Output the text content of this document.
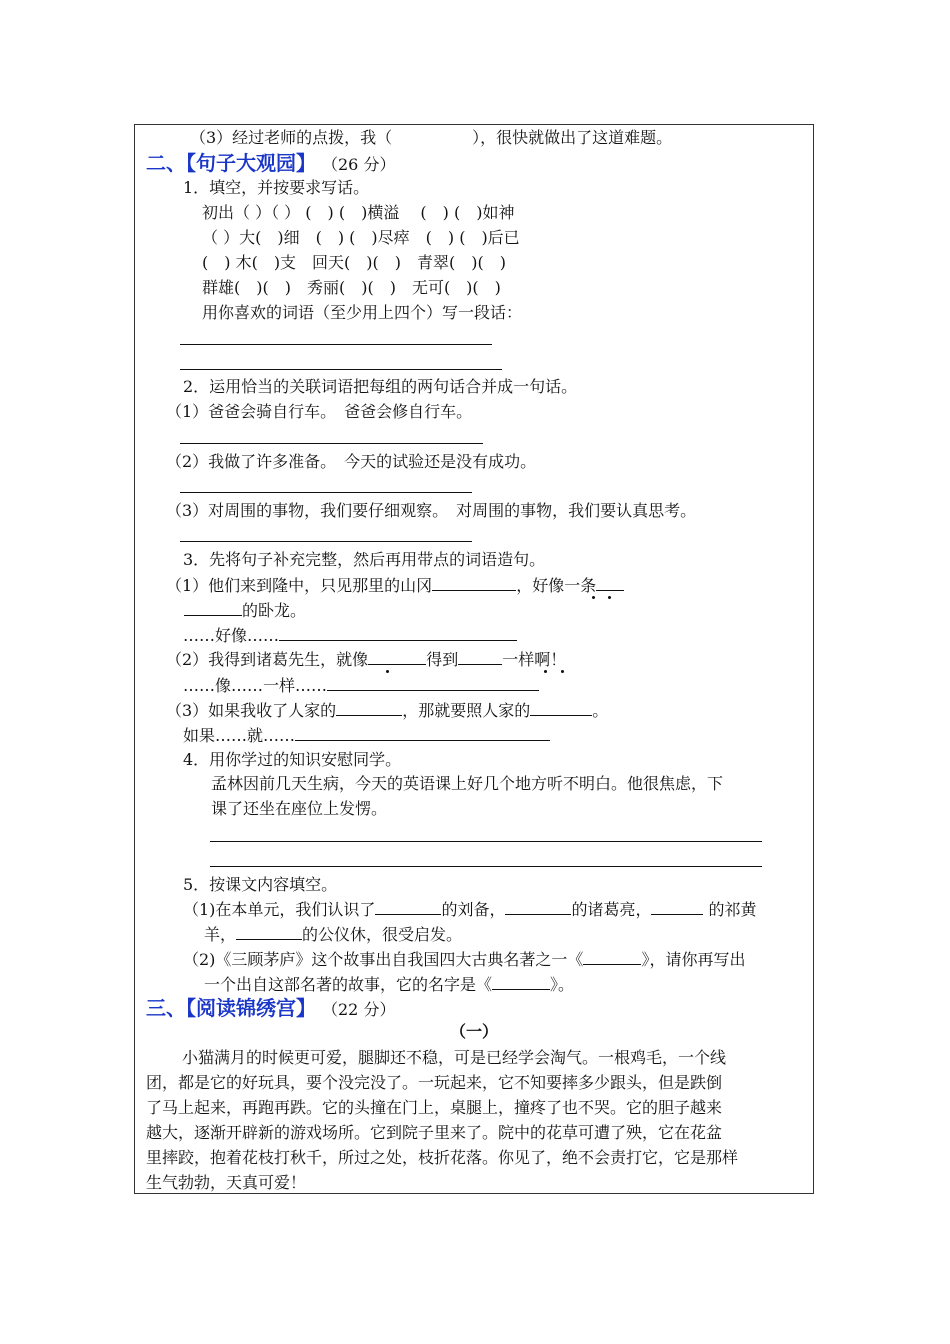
（3）经过老师的点拨，我（　　　　　），很快就做出了这道难题。
二、【句子大观园】 （26 分）
1．填空，并按要求写话。
初出（ ）（ ） (　) (　)横溢　 (　) (　)如神
（ ）大(　)细　(　) (　)尽瘁　(　) (　)后已
(　) 木(　)支　回天(　)(　)　青翠(　)(　)
群雄(　)(　)　秀丽(　)(　)　无可(　)(　)
用你喜欢的词语（至少用上四个）写一段话：
2．运用恰当的关联词语把每组的两句话合并成一句话。
（1）爸爸会骑自行车。　爸爸会修自行车。
（2）我做了许多准备。　今天的试验还是没有成功。
（3）对周围的事物，我们要仔细观察。　对周围的事物，我们要认真思考。
3．先将句子补充完整，然后再用带点的词语造句。
（1）他们来到隆中，只见那里的山冈	，好像一条
的卧龙。
……好像……
（2）我得到诸葛先生，就像	得到	一样啊！
……像……一样……
（3）如果我收了人家的	，那就要照人家的	。
如果……就……
4．用你学过的知识安慰同学。
孟林因前几天生病，今天的英语课上好几个地方听不明白。他很焦虑，下
课了还坐在座位上发愣。
5．按课文内容填空。
（1)在本单元，我们认识了	的刘备，	的诸葛亮，	的祁黄
羊，	的公仪休，很受启发。
（2)《三顾茅庐》这个故事出自我国四大古典名著之一《	》，请你再写出
一个出自这部名著的故事，它的名字是《	》。
三、【阅读锦绣宫】 （22 分）
（一）
小猫满月的时候更可爱，腿脚还不稳，可是已经学会淘气。一根鸡毛，一个线
团，都是它的好玩具，要个没完没了。一玩起来，它不知要摔多少跟头，但是跌倒
了马上起来，再跑再跌。它的头撞在门上，桌腿上，撞疼了也不哭。它的胆子越来
越大，逐渐开辟新的游戏场所。它到院子里来了。院中的花草可遭了殃，它在花盆
里摔跤，抱着花枝打秋千，所过之处，枝折花落。你见了，绝不会责打它，它是那样
生气勃勃，天真可爱！
